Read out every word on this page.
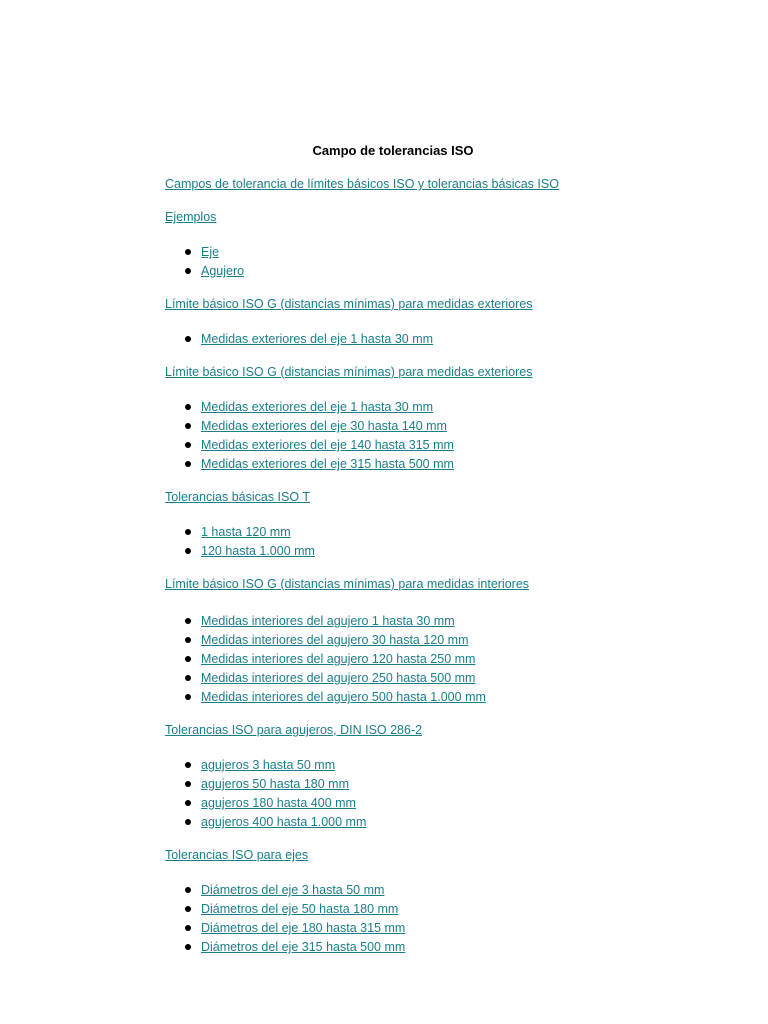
Campo de tolerancias ISO
Campos de tolerancia de límites básicos ISO y tolerancias básicas ISO
Ejemplos
Eje
Agujero
Límite básico ISO G (distancias mínimas) para medidas exteriores
Medidas exteriores del eje 1 hasta 30 mm
Límite básico ISO G (distancias mínimas) para medidas exteriores
Medidas exteriores del eje 1 hasta 30 mm
Medidas exteriores del eje 30 hasta 140 mm
Medidas exteriores del eje 140 hasta 315 mm
Medidas exteriores del eje 315 hasta 500 mm
Tolerancias básicas ISO T
1 hasta 120 mm
120 hasta 1.000 mm
Límite básico ISO G (distancias mínimas) para medidas interiores
Medidas interiores del agujero 1 hasta 30 mm
Medidas interiores del agujero 30 hasta 120 mm
Medidas interiores del agujero 120 hasta 250 mm
Medidas interiores del agujero 250 hasta 500 mm
Medidas interiores del agujero 500 hasta 1.000 mm
Tolerancias ISO para agujeros, DIN ISO 286-2
agujeros 3 hasta 50 mm
agujeros 50 hasta 180 mm
agujeros 180 hasta 400 mm
agujeros 400 hasta 1.000 mm
Tolerancias ISO para ejes
Diámetros del eje 3 hasta 50 mm
Diámetros del eje 50 hasta 180 mm
Diámetros del eje 180 hasta 315 mm
Diámetros del eje 315 hasta 500 mm
